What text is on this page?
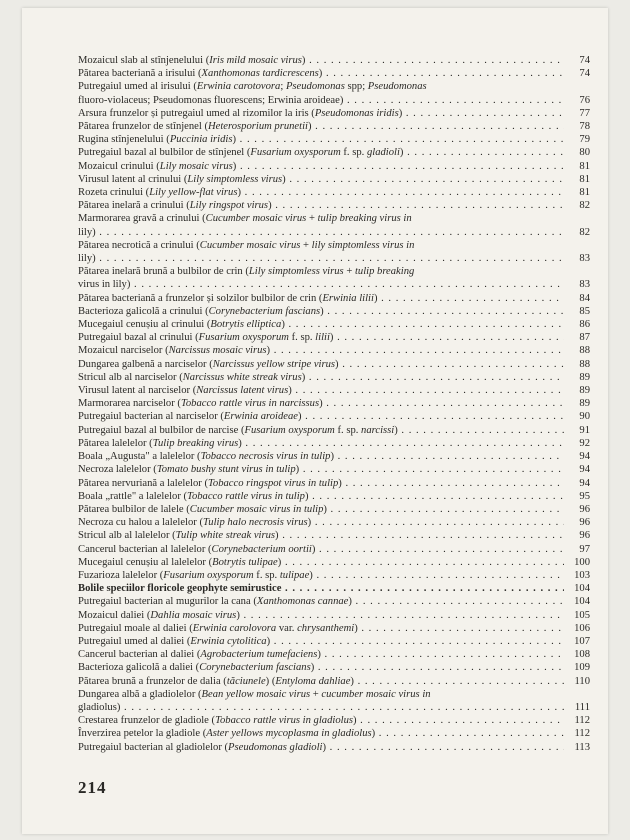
Mozaicul slab al stînjenelului (Iris mild mosaic virus) . . .	74
Pătarea bacteriană a irisului (Xanthomonas tardicrescens) . . .	74
Putregaiul umed al irisului (Erwinia carotovora; Pseudomonas spp; Pseudomonas
fluoro-violaceus; Pseudomonas fluorescens; Erwinia aroideae) . . .	76
Arsura frunzelor și putregaiul umed al rizomilor la iris (Pseudomonas iridis) . . .	77
Pătarea frunzelor de stînjenel (Heterosporium prunetii) . . .	78
Rugina stînjenelului (Puccinia iridis) . . .	79
Putregaiul bazal al bulbilor de stînjenel (Fusarium oxysporum f. sp. gladioli) . . .	80
Mozaicul crinului (Lily mosaic virus) . . .	81
Virusul latent al crinului (Lily simptomless virus) . . .	81
Rozeta crinului (Lily yellow-flat virus) . . .	81
Pătarea inelară a crinului (Lily ringspot virus) . . .	82
Marmorarea gravă a crinului (Cucumber mosaic virus + tulip breaking virus in
lily) . . .	82
Pătarea necrotică a crinului (Cucumber mosaic virus + lily simptomless virus in
lily) . . .	83
Pătarea inelară brună a bulbilor de crin (Lily simptomless virus + tulip breaking
virus in lily) . . .	83
Pătarea bacteriană a frunzelor și solzilor bulbilor de crin (Erwinia lilii) . . .	84
Bacterioza galicolă a crinului (Corynebacterium fascians) . . .	85
Mucegaiul cenușiu al crinului (Botrytis elliptica) . . .	86
Putregaiul bazal al crinului (Fusarium oxysporum f. sp. lilii) . . .	87
Mozaicul narciselor (Narcissus mosaic virus) . . .	88
Dungarea galbenă a narciselor (Narcissus yellow stripe virus) . . .	88
Stricul alb al narciselor (Narcissus white streak virus) . . .	89
Virusul latent al narciselor (Narcissus latent virus) . . .	89
Marmorarea narciselor (Tobacco rattle virus in narcissus) . . .	89
Putregaiul bacterian al narciselor (Erwinia aroideae) . . .	90
Putregaiul bazal al bulbilor de narcise (Fusarium oxysporum f. sp. narcissi) . . .	91
Pătarea lalelelor (Tulip breaking virus) . . .	92
Boala „Augusta" a lalelelor (Tobacco necrosis virus in tulip) . . .	94
Necroza lalelelor (Tomato bushy stunt virus in tulip) . . .	94
Pătarea nervuriană a lalelelor (Tobacco ringspot virus in tulip) . . .	94
Boala „rattle" a lalelelor (Tobacco rattle virus in tulip) . . .	95
Pătarea bulbilor de lalele (Cucumber mosaic virus in tulip) . . .	96
Necroza cu halou a lalelelor (Tulip halo necrosis virus) . . .	96
Stricul alb al lalelelor (Tulip white streak virus) . . .	96
Cancerul bacterian al lalelelor (Corynebacterium oortii) . . .	97
Mucegaiul cenușiu al lalelelor (Botrytis tulipae) . . .	100
Fuzarioza lalelelor (Fusarium oxysporum f. sp. tulipae) . . .	103
Bolile speciilor floricole geophyte semirustice . . .	104
Putregaiul bacterian al mugurilor la cana (Xanthomonas cannae) . . .	104
Mozaicul daliei (Dahlia mosaic virus) . . .	105
Putregaiul moale al daliei (Erwinia carolovora var. chrysanthemi) . . .	106
Putregaiul umed al daliei (Erwinia cytolitica) . . .	107
Cancerul bacterian al daliei (Agrobacterium tumefaciens) . . .	108
Bacterioza galicolă a daliei (Corynebacterium fascians) . . .	109
Pătarea brună a frunzelor de dalia (tăciunele) (Entyloma dahliae) . . .	110
Dungarea albă a gladiolelor (Bean yellow mosaic virus + cucumber mosaic virus in
gladiolus) . . .	111
Crestarea frunzelor de gladiole (Tobacco rattle virus in gladiolus) . . .	112
Înverzirea petelor la gladiole (Aster yellows mycoplasma in gladiolus) . . .	112
Putregaiul bacterian al gladiolelor (Pseudomonas gladioli) . . .	113
214
